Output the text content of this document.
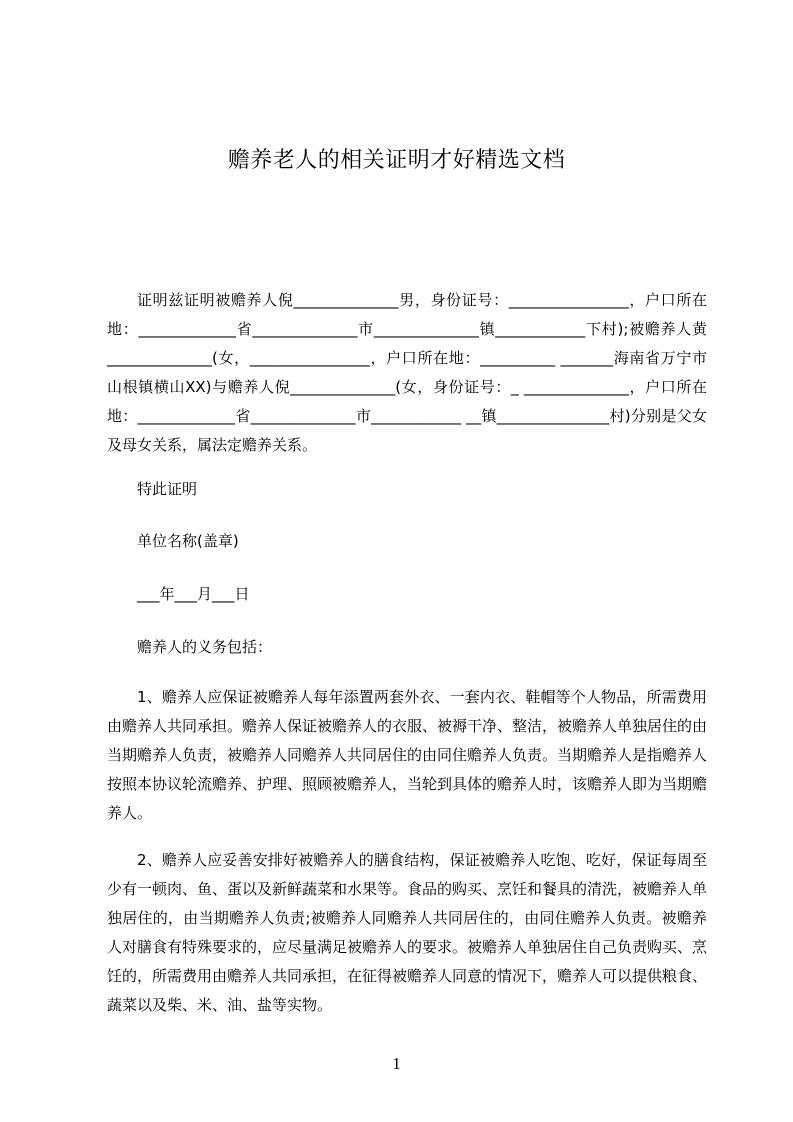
赡养老人的相关证明才好精选文档

证明兹证明被赡养人倪______________男，身份证号：________________，户口所在地：_____________省______________市______________镇____________下村);被赡养人黄______________(女，________________，户口所在地：__________ _______海南省万宁市山根镇横山XX)与赡养人倪______________(女，身份证号：_ ______________，户口所在地：_____________省______________市____________ __镇_______________村)分别是父女及母女关系，属法定赡养关系。

特此证明
单位名称(盖章)
___年___月___日
赡养人的义务包括：

1、赡养人应保证被赡养人每年添置两套外衣、一套内衣、鞋帽等个人物品，所需费用由赡养人共同承担。赡养人保证被赡养人的衣服、被褥干净、整洁，被赡养人单独居住的由当期赡养人负责，被赡养人同赡养人共同居住的由同住赡养人负责。当期赡养人是指赡养人按照本协议轮流赡养、护理、照顾被赡养人，当轮到具体的赡养人时，该赡养人即为当期赡养人。

2、赡养人应妥善安排好被赡养人的膳食结构，保证被赡养人吃饱、吃好，保证每周至少有一顿肉、鱼、蛋以及新鲜蔬菜和水果等。食品的购买、烹饪和餐具的清洗，被赡养人单独居住的，由当期赡养人负责;被赡养人同赡养人共同居住的，由同住赡养人负责。被赡养人对膳食有特殊要求的，应尽量满足被赡养人的要求。被赡养人单独居住自己负责购买、烹饪的，所需费用由赡养人共同承担，在征得被赡养人同意的情况下，赡养人可以提供粮食、蔬菜以及柴、米、油、盐等实物。

1
